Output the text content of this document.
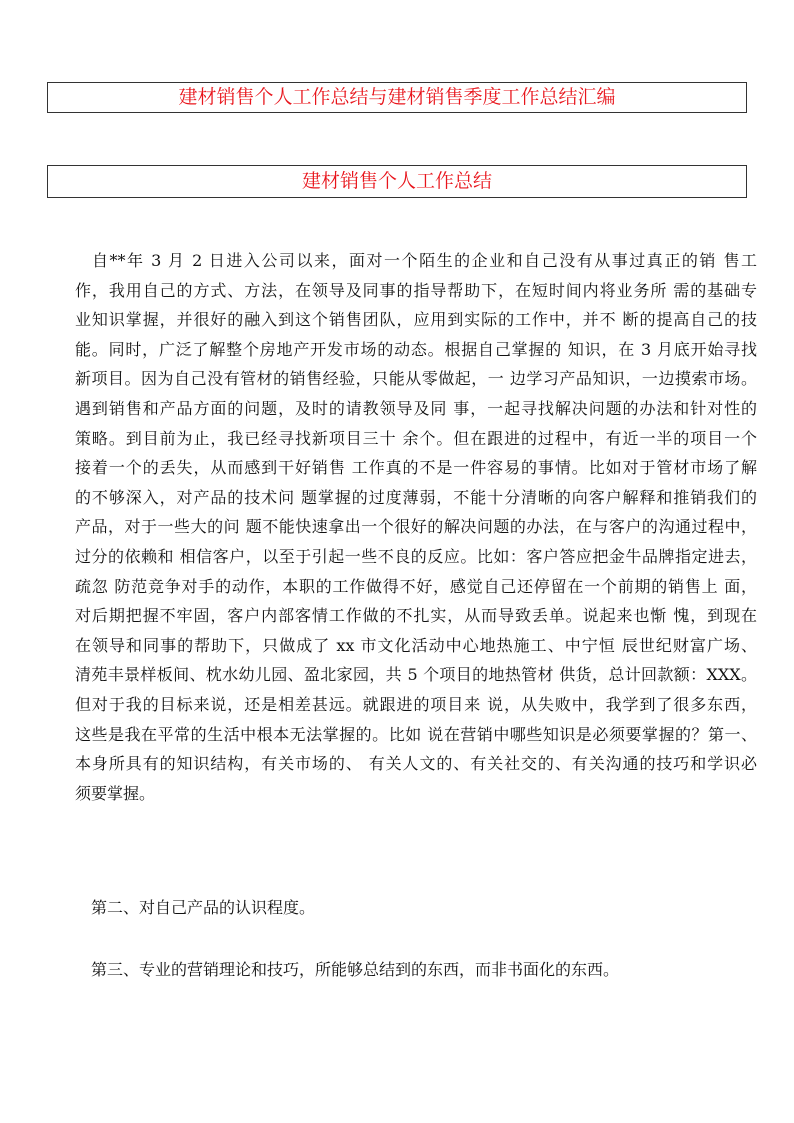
建材销售个人工作总结与建材销售季度工作总结汇编
建材销售个人工作总结
自**年 3 月 2 日进入公司以来，面对一个陌生的企业和自己没有从事过真正的销 售工
作，我用自己的方式、方法，在领导及同事的指导帮助下，在短时间内将业务所 需的基础专
业知识掌握，并很好的融入到这个销售团队，应用到实际的工作中，并不 断的提高自己的技
能。同时，广泛了解整个房地产开发市场的动态。根据自己掌握的 知识，在 3 月底开始寻找
新项目。因为自己没有管材的销售经验，只能从零做起，一 边学习产品知识，一边摸索市场。
遇到销售和产品方面的问题，及时的请教领导及同 事，一起寻找解决问题的办法和针对性的
策略。到目前为止，我已经寻找新项目三十 余个。但在跟进的过程中，有近一半的项目一个
接着一个的丢失，从而感到干好销售 工作真的不是一件容易的事情。比如对于管材市场了解
的不够深入，对产品的技术问 题掌握的过度薄弱，不能十分清晰的向客户解释和推销我们的
产品，对于一些大的问 题不能快速拿出一个很好的解决问题的办法，在与客户的沟通过程中，
过分的依赖和 相信客户，以至于引起一些不良的反应。比如：客户答应把金牛品牌指定进去，
疏忽 防范竞争对手的动作，本职的工作做得不好，感觉自己还停留在一个前期的销售上 面，
对后期把握不牢固，客户内部客情工作做的不扎实，从而导致丢单。说起来也惭 愧，到现在
在领导和同事的帮助下，只做成了 xx 市文化活动中心地热施工、中宁恒 辰世纪财富广场、
清苑丰景样板间、枕水幼儿园、盈北家园，共 5 个项目的地热管材 供货，总计回款额：XXX。
但对于我的目标来说，还是相差甚远。就跟进的项目来 说，从失败中，我学到了很多东西，
这些是我在平常的生活中根本无法掌握的。比如 说在营销中哪些知识是必须要掌握的？第一、
本身所具有的知识结构，有关市场的、 有关人文的、有关社交的、有关沟通的技巧和学识必
须要掌握。
第二、对自己产品的认识程度。
第三、专业的营销理论和技巧，所能够总结到的东西，而非书面化的东西。
